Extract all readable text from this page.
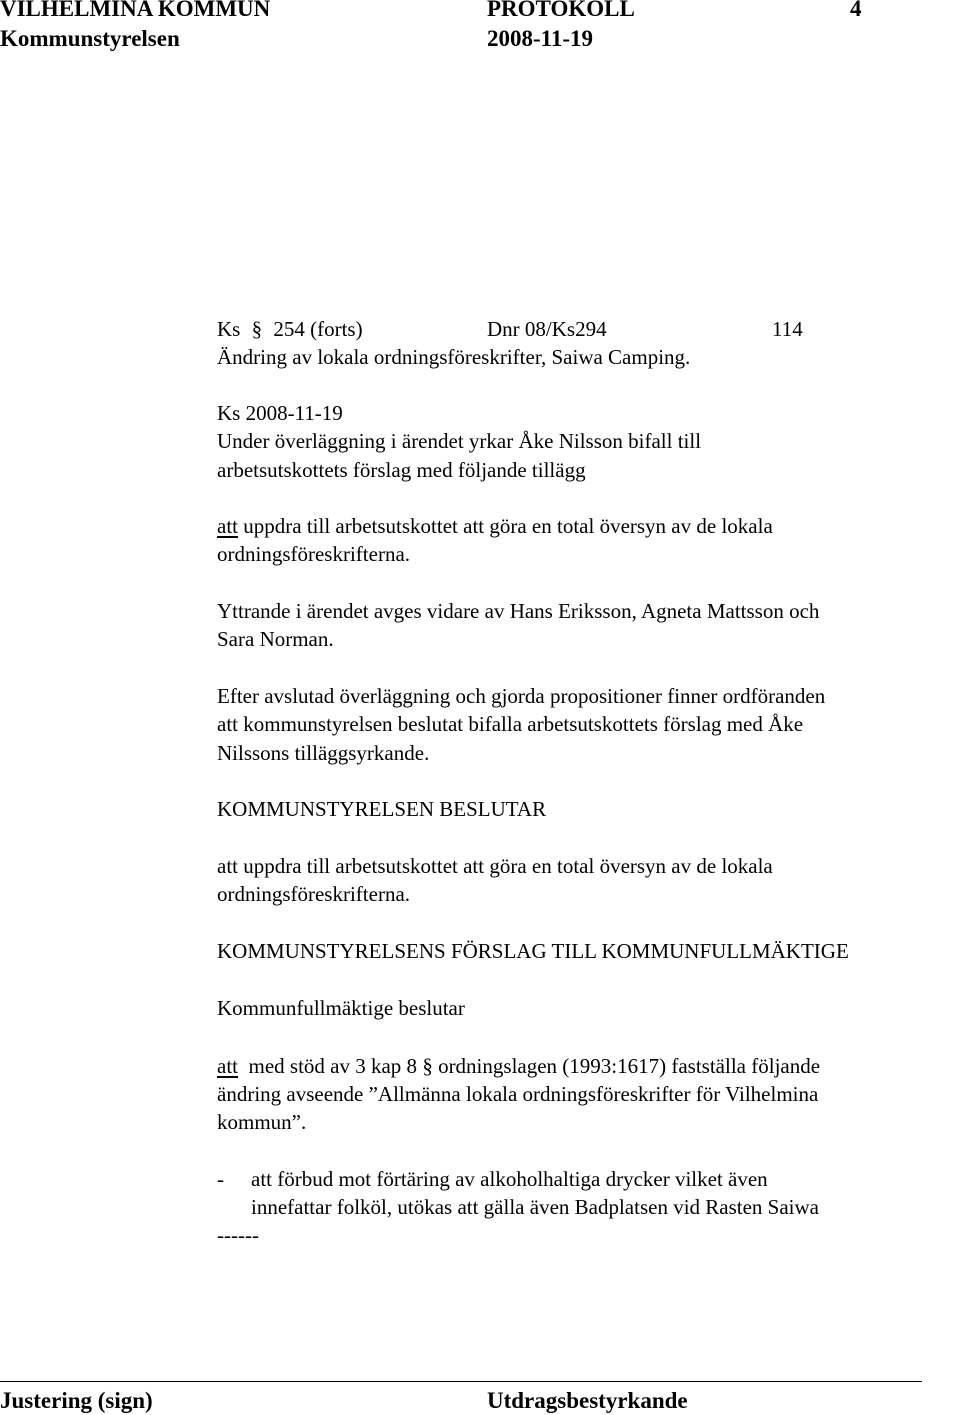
VILHELMINA KOMMUN	PROTOKOLL	4
Kommunstyrelsen	2008-11-19
Ks § 254 (forts)	Dnr 08/Ks294	114
Ändring av lokala ordningsföreskrifter, Saiwa Camping.
Ks 2008-11-19
Under överläggning i ärendet yrkar Åke Nilsson bifall till
arbetsutskottets förslag med följande tillägg
att uppdra till arbetsutskottet att göra en total översyn av de lokala
ordningsföreskrifterna.
Yttrande i ärendet avges vidare av Hans Eriksson, Agneta Mattsson och
Sara Norman.
Efter avslutad överläggning och gjorda propositioner finner ordföranden
att kommunstyrelsen beslutat bifalla arbetsutskottets förslag med Åke
Nilssons tilläggsyrkande.
KOMMUNSTYRELSEN BESLUTAR
att uppdra till arbetsutskottet att göra en total översyn av de lokala
ordningsföreskrifterna.
KOMMUNSTYRELSENS FÖRSLAG TILL KOMMUNFULLMÄKTIGE
Kommunfullmäktige beslutar
att  med stöd av 3 kap 8 § ordningslagen (1993:1617) fastställa följande
ändring avseende ”Allmänna lokala ordningsföreskrifter för Vilhelmina
kommun”.
- att förbud mot förtäring av alkoholhaltiga drycker vilket även
innefattar folköl, utökas att gälla även Badplatsen vid Rasten Saiwa
------
Justering (sign)	Utdragsbestyrkande
